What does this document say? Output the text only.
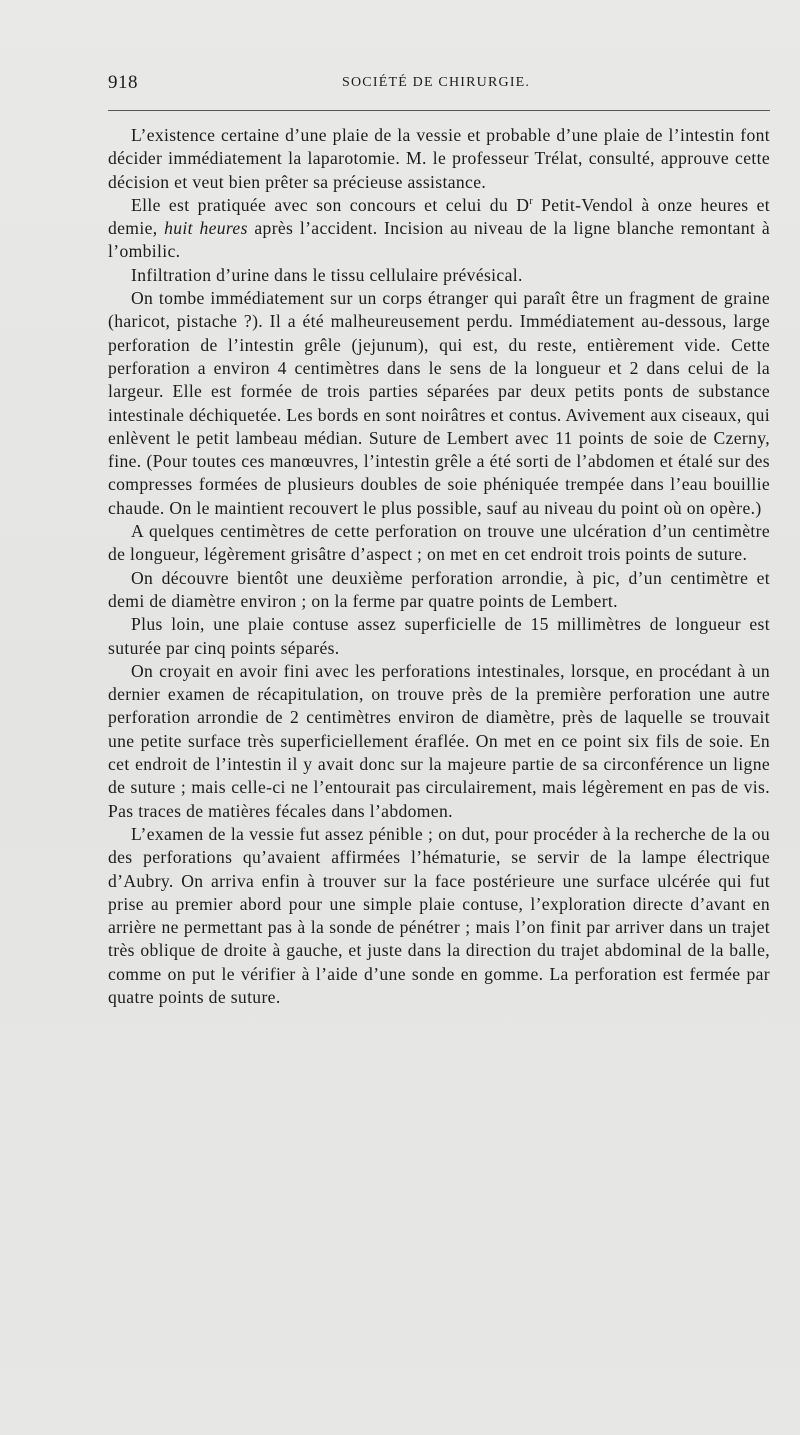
918	SOCIÉTÉ DE CHIRURGIE.

L’existence certaine d’une plaie de la vessie et probable d’une plaie de l’intestin font décider immédiatement la laparotomie. M. le professeur Trélat, consulté, approuve cette décision et veut bien prêter sa précieuse assistance.

Elle est pratiquée avec son concours et celui du $D^r$ Petit-Vendol à onze heures et demie, huit heures après l’accident. Incision au niveau de la ligne blanche remontant à l’ombilic.

Infiltration d’urine dans le tissu cellulaire prévésical.

On tombe immédiatement sur un corps étranger qui paraît être un fragment de graine (haricot, pistache ?). Il a été malheureusement perdu. Immédiatement au-dessous, large perforation de l’intestin grêle (jejunum), qui est, du reste, entièrement vide. Cette perforation a environ 4 centimètres dans le sens de la longueur et 2 dans celui de la largeur. Elle est formée de trois parties séparées par deux petits ponts de substance intestinale déchiquetée. Les bords en sont noirâtres et contus. Avivement aux ciseaux, qui enlèvent le petit lambeau médian. Suture de Lembert avec 11 points de soie de Czerny, fine. (Pour toutes ces manœuvres, l’intestin grêle a été sorti de l’abdomen et étalé sur des compresses formées de plusieurs doubles de soie phéniquée trempée dans l’eau bouillie chaude. On le maintient recouvert le plus possible, sauf au niveau du point où on opère.)

A quelques centimètres de cette perforation on trouve une ulcération d’un centimètre de longueur, légèrement grisâtre d’aspect ; on met en cet endroit trois points de suture.

On découvre bientôt une deuxième perforation arrondie, à pic, d’un centimètre et demi de diamètre environ ; on la ferme par quatre points de Lembert.

Plus loin, une plaie contuse assez superficielle de 15 millimètres de longueur est suturée par cinq points séparés.

On croyait en avoir fini avec les perforations intestinales, lorsque, en procédant à un dernier examen de récapitulation, on trouve près de la première perforation une autre perforation arrondie de 2 centimètres environ de diamètre, près de laquelle se trouvait une petite surface très superficiellement éraflée. On met en ce point six fils de soie. En cet endroit de l’intestin il y avait donc sur la majeure partie de sa circonférence un ligne de suture ; mais celle-ci ne l’entourait pas circulairement, mais légèrement en pas de vis. Pas traces de matières fécales dans l’abdomen.

L’examen de la vessie fut assez pénible ; on dut, pour procéder à la recherche de la ou des perforations qu’avaient affirmées l’hématurie, se servir de la lampe électrique d’Aubry. On arriva enfin à trouver sur la face postérieure une surface ulcérée qui fut prise au premier abord pour une simple plaie contuse, l’exploration directe d’avant en arrière ne permettant pas à la sonde de pénétrer ; mais l’on finit par arriver dans un trajet très oblique de droite à gauche, et juste dans la direction du trajet abdominal de la balle, comme on put le vérifier à l’aide d’une sonde en gomme. La perforation est fermée par quatre points de suture.
